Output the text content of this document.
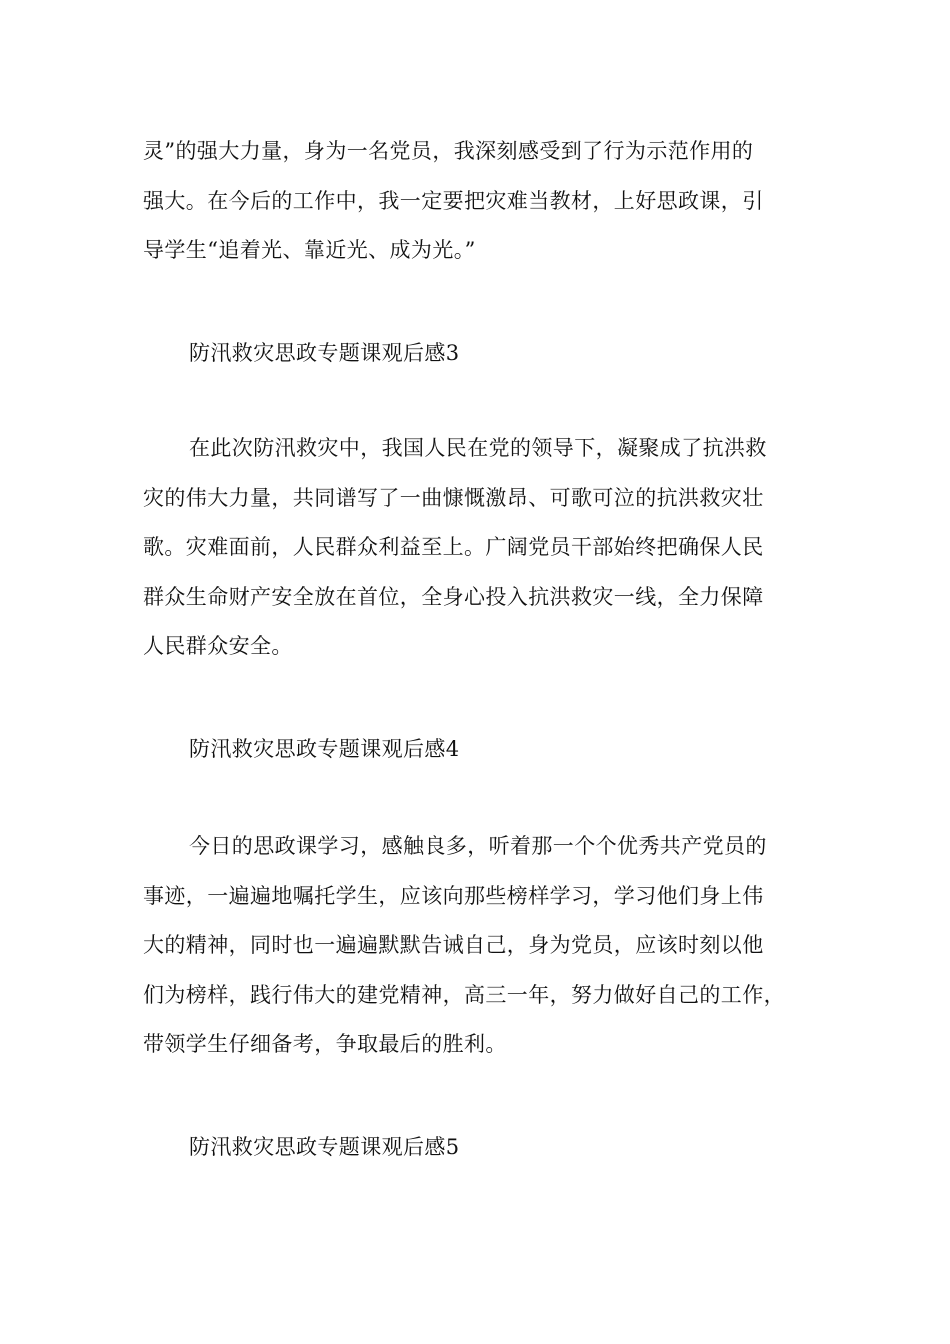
灵”的强大力量，身为一名党员，我深刻感受到了行为示范作用的
强大。在今后的工作中，我一定要把灾难当教材，上好思政课，引
导学生“追着光、靠近光、成为光。”
防汛救灾思政专题课观后感3
在此次防汛救灾中，我国人民在党的领导下，凝聚成了抗洪救
灾的伟大力量，共同谱写了一曲慷慨激昂、可歌可泣的抗洪救灾壮
歌。灾难面前，人民群众利益至上。广阔党员干部始终把确保人民
群众生命财产安全放在首位，全身心投入抗洪救灾一线，全力保障
人民群众安全。
防汛救灾思政专题课观后感4
今日的思政课学习，感触良多，听着那一个个优秀共产党员的
事迹，一遍遍地嘱托学生，应该向那些榜样学习，学习他们身上伟
大的精神，同时也一遍遍默默告诫自己，身为党员，应该时刻以他
们为榜样，践行伟大的建党精神，高三一年，努力做好自己的工作，
带领学生仔细备考，争取最后的胜利。
防汛救灾思政专题课观后感5
